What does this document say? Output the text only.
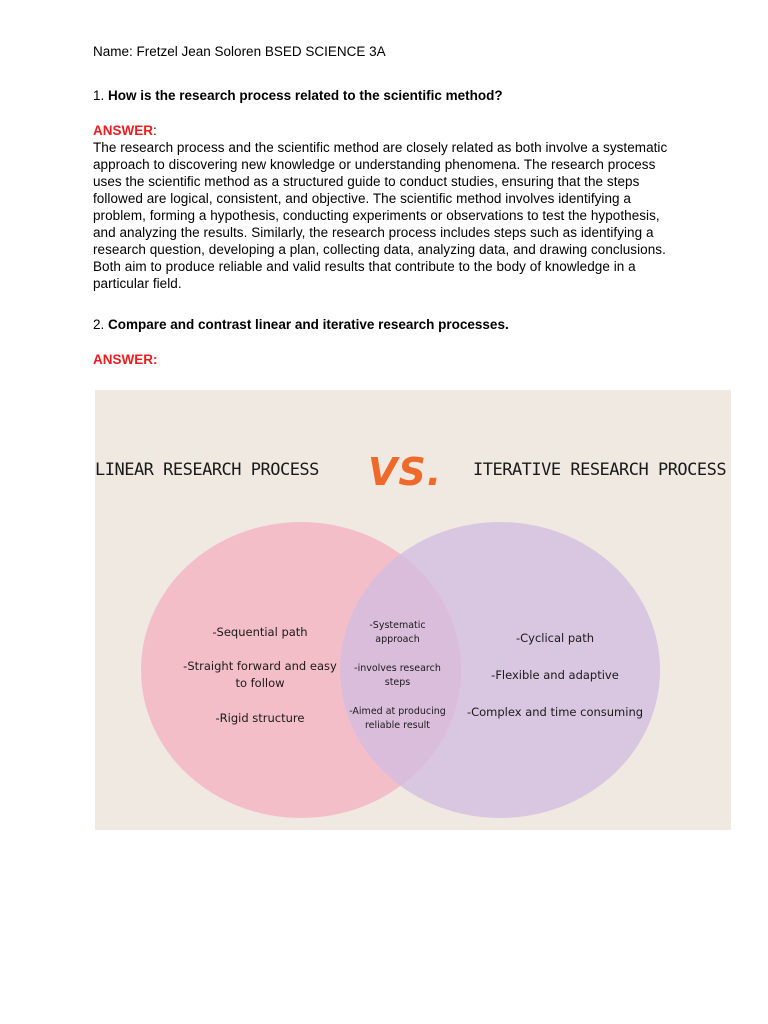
Name: Fretzel Jean Soloren BSED SCIENCE 3A

1. How is the research process related to the scientific method?

ANSWER:

The research process and the scientific method are closely related as both involve a systematic approach to discovering new knowledge or understanding phenomena. The research process uses the scientific method as a structured guide to conduct studies, ensuring that the steps followed are logical, consistent, and objective. The scientific method involves identifying a problem, forming a hypothesis, conducting experiments or observations to test the hypothesis, and analyzing the results. Similarly, the research process includes steps such as identifying a research question, developing a plan, collecting data, analyzing data, and drawing conclusions. Both aim to produce reliable and valid results that contribute to the body of knowledge in a particular field.

2. Compare and contrast linear and iterative research processes.

ANSWER:

LINEAR RESEARCH PROCESS VS. ITERATIVE RESEARCH PROCESS
-Sequential path
-Straight forward and easy to follow
-Rigid structure
-Systematic approach
-involves research steps
-Aimed at producing reliable result
-Cyclical path
-Flexible and adaptive
-Complex and time consuming
